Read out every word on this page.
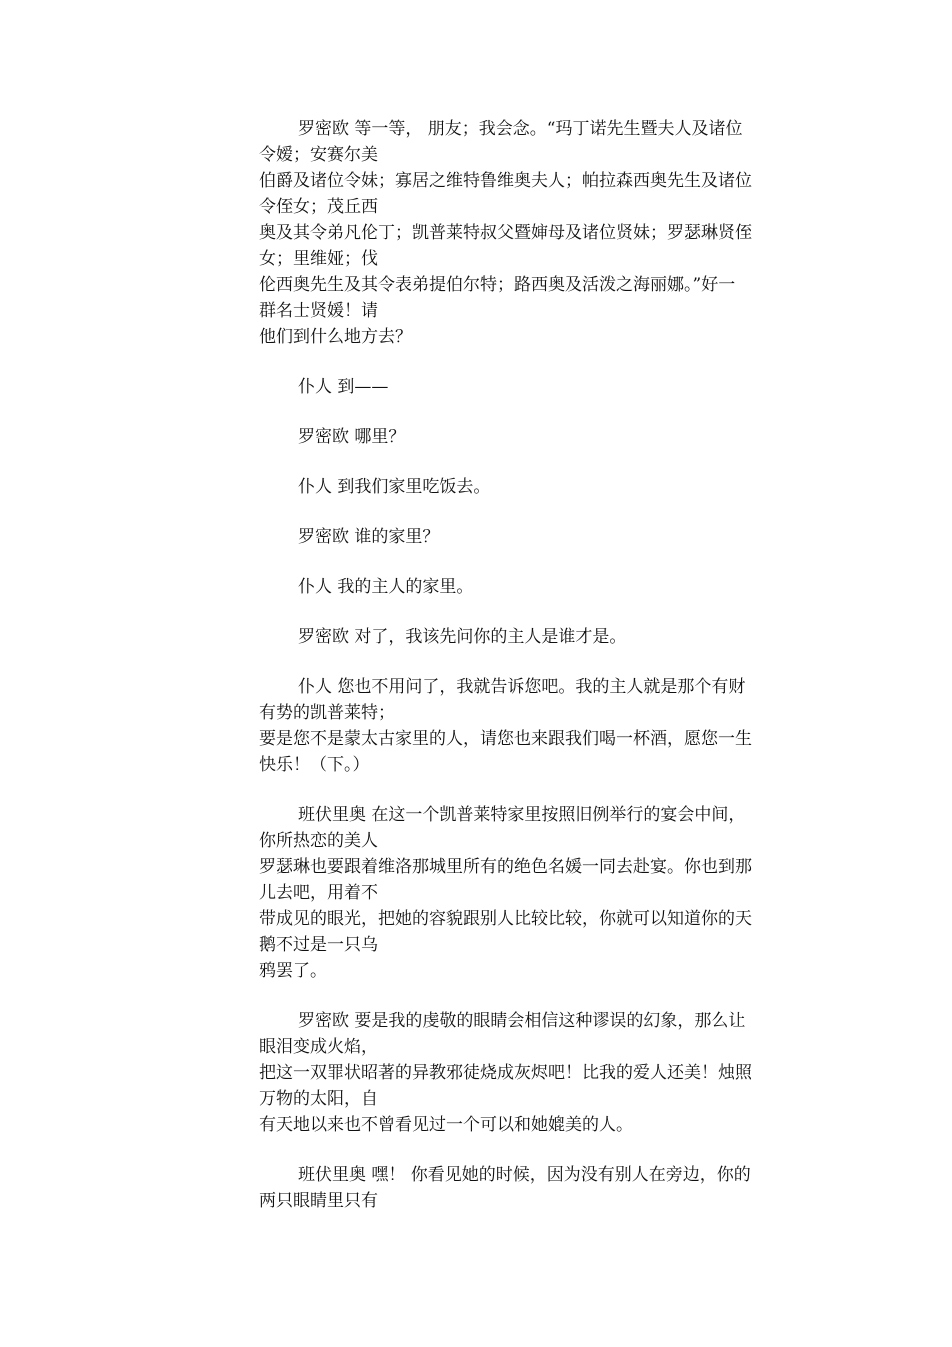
罗密欧 等一等， 朋友；我会念。“玛丁诺先生暨夫人及诸位
令嫒；安赛尔美
伯爵及诸位令妹；寡居之维特鲁维奥夫人；帕拉森西奥先生及诸位
令侄女；茂丘西
奥及其令弟凡伦丁；凯普莱特叔父暨婶母及诸位贤妹；罗瑟琳贤侄
女；里维娅；伐
伦西奥先生及其令表弟提伯尔特；路西奥及活泼之海丽娜。”好一
群名士贤媛！请
他们到什么地方去？
仆人 到——
罗密欧 哪里？
仆人 到我们家里吃饭去。
罗密欧 谁的家里？
仆人 我的主人的家里。
罗密欧 对了，我该先问你的主人是谁才是。
仆人 您也不用问了，我就告诉您吧。我的主人就是那个有财
有势的凯普莱特；
要是您不是蒙太古家里的人，请您也来跟我们喝一杯酒，愿您一生
快乐！（下。）
班伏里奥 在这一个凯普莱特家里按照旧例举行的宴会中间，
你所热恋的美人
罗瑟琳也要跟着维洛那城里所有的绝色名媛一同去赴宴。你也到那
儿去吧，用着不
带成见的眼光，把她的容貌跟别人比较比较，你就可以知道你的天
鹅不过是一只乌
鸦罢了。
罗密欧 要是我的虔敬的眼睛会相信这种谬误的幻象，那么让
眼泪变成火焰，
把这一双罪状昭著的异教邪徒烧成灰烬吧！比我的爱人还美！烛照
万物的太阳，自
有天地以来也不曾看见过一个可以和她媲美的人。
班伏里奥 嘿！ 你看见她的时候，因为没有别人在旁边，你的
两只眼睛里只有
